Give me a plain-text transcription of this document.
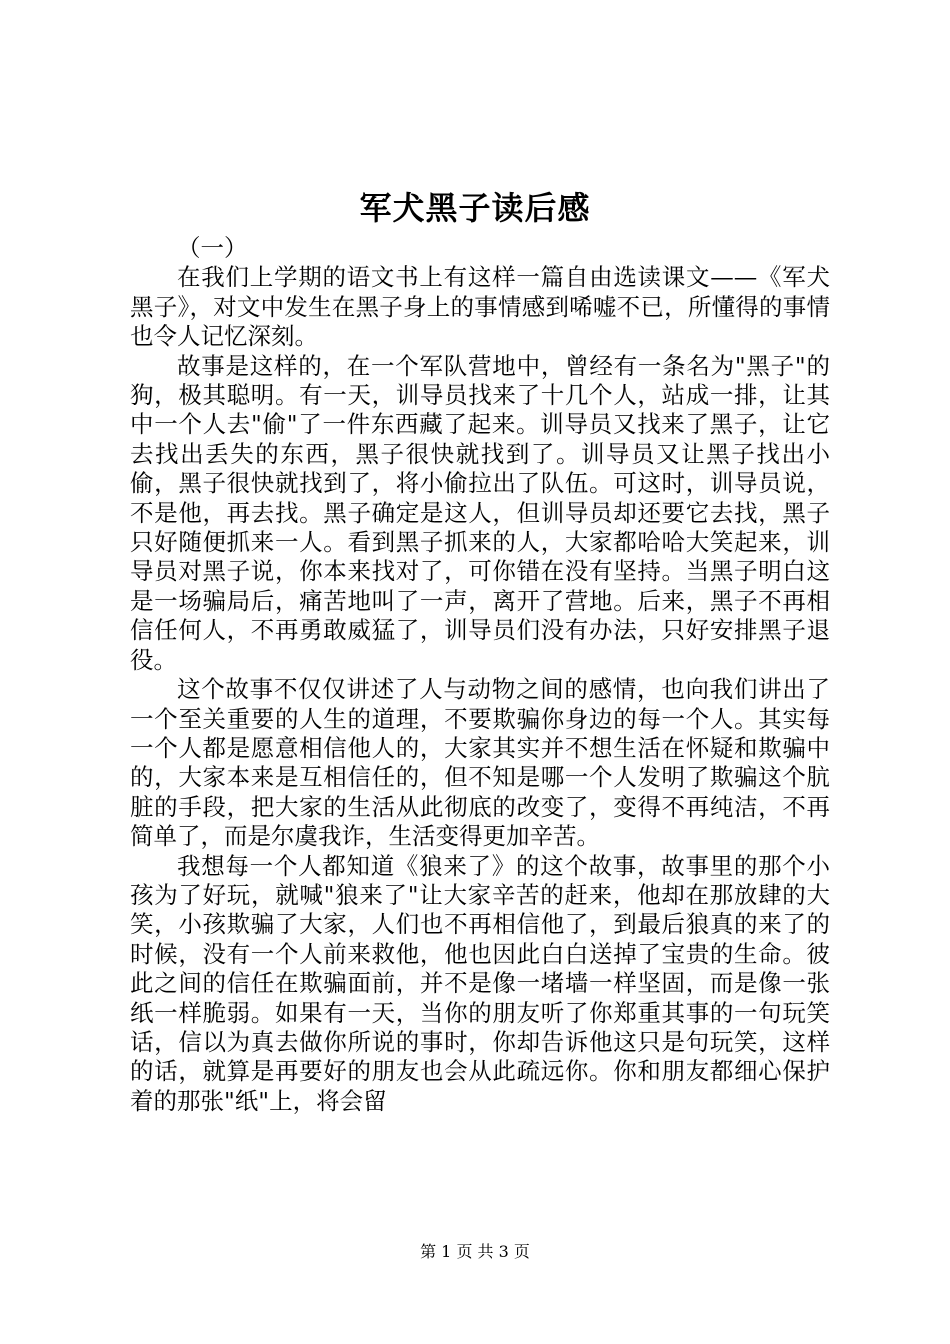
军犬黑子读后感

（一）

在我们上学期的语文书上有这样一篇自由选读课文——《军犬黑子》，对文中发生在黑子身上的事情感到唏嘘不已，所懂得的事情也令人记忆深刻。

故事是这样的，在一个军队营地中，曾经有一条名为"黑子"的狗，极其聪明。有一天，训导员找来了十几个人，站成一排，让其中一个人去"偷"了一件东西藏了起来。训导员又找来了黑子，让它去找出丢失的东西，黑子很快就找到了。训导员又让黑子找出小偷，黑子很快就找到了，将小偷拉出了队伍。可这时，训导员说，不是他，再去找。黑子确定是这人，但训导员却还要它去找，黑子只好随便抓来一人。看到黑子抓来的人，大家都哈哈大笑起来，训导员对黑子说，你本来找对了，可你错在没有坚持。当黑子明白这是一场骗局后，痛苦地叫了一声，离开了营地。后来，黑子不再相信任何人，不再勇敢威猛了，训导员们没有办法，只好安排黑子退役。

这个故事不仅仅讲述了人与动物之间的感情，也向我们讲出了一个至关重要的人生的道理，不要欺骗你身边的每一个人。其实每一个人都是愿意相信他人的，大家其实并不想生活在怀疑和欺骗中的，大家本来是互相信任的，但不知是哪一个人发明了欺骗这个肮脏的手段，把大家的生活从此彻底的改变了，变得不再纯洁，不再简单了，而是尔虞我诈，生活变得更加辛苦。

我想每一个人都知道《狼来了》的这个故事，故事里的那个小孩为了好玩，就喊"狼来了"让大家辛苦的赶来，他却在那放肆的大笑，小孩欺骗了大家，人们也不再相信他了，到最后狼真的来了的时候，没有一个人前来救他，他也因此白白送掉了宝贵的生命。彼此之间的信任在欺骗面前，并不是像一堵墙一样坚固，而是像一张纸一样脆弱。如果有一天，当你的朋友听了你郑重其事的一句玩笑话，信以为真去做你所说的事时，你却告诉他这只是句玩笑，这样的话，就算是再要好的朋友也会从此疏远你。你和朋友都细心保护着的那张"纸"上，将会留

第 1 页 共 3 页
